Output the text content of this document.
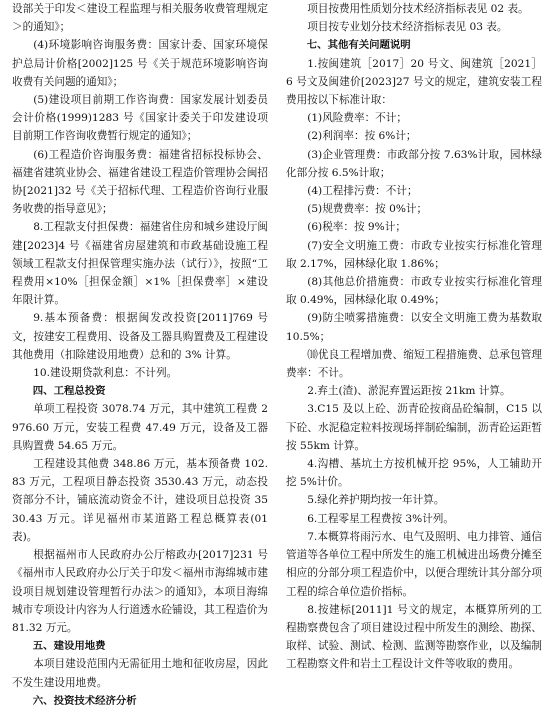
设部关于印发＜建设工程监理与相关服务收费管理规定＞的通知》；

(4)环境影响咨询服务费：国家计委、国家环境保护总局计价格[2002]125 号《关于规范环境影响咨询收费有关问题的通知》；

(5)建设项目前期工作咨询费：国家发展计划委员会计价格(1999)1283 号《国家计委关于印发建设项目前期工作咨询收费暂行规定的通知》；

(6)工程造价咨询服务费：福建省招标投标协会、福建省建筑业协会、福建省建设工程造价管理协会闽招协[2021]32 号《关于招标代理、工程造价咨询行业服务收费的指导意见》；

8.工程款支付担保费：福建省住房和城乡建设厅闽建[2023]4 号《福建省房屋建筑和市政基础设施工程领域工程款支付担保管理实施办法（试行）》，按照“工程费用×10%［担保金额］×1%［担保费率］×建设年限计算。

9.基本预备费：根据闽发改投资[2011]769 号文，按建安工程费用、设备及工器具购置费及工程建设其他费用（扣除建设用地费）总和的 3% 计算。

10.建设期贷款利息：不计列。

四、工程总投资

单项工程投资 3078.74 万元，其中建筑工程费 2976.60 万元，安装工程费 47.49 万元，设备及工器具购置费 54.65 万元。

工程建设其他费 348.86 万元，基本预备费 102.83 万元，工程项目静态投资 3530.43 万元，动态投资部分不计，铺底流动资金不计，建设项目总投资 3530.43 万元。详见福州市某道路工程总概算表(01 表)。

根据福州市人民政府办公厅榕政办[2017]231 号《福州市人民政府办公厅关于印发＜福州市海绵城市建设项目规划建设管理暂行办法＞的通知》，本项目海绵城市专项设计内容为人行道透水砼铺设，其工程造价为 81.32 万元。

五、建设用地费

本项目建设范围内无需征用土地和征收房屋，因此不发生建设用地费。

六、投资技术经济分析

项目按费用性质划分技术经济指标表见 02 表。

项目按专业划分技术经济指标表见 03 表。

七、其他有关问题说明

1.按闽建筑［2017］20 号文、闽建筑［2021］6 号文及闽建价[2023]27 号文的规定，建筑安装工程费用按以下标准计取：

(1)风险费率：不计；

(2)利润率：按 6%计；

(3)企业管理费：市政部分按 7.63%计取，园林绿化部分按 6.5%计取；

(4)工程排污费：不计；

(5)规费费率：按 0%计；

(6)税率：按 9%计；

(7)安全文明施工费：市政专业按实行标准化管理取 2.17%，园林绿化取 1.86%；

(8)其他总价措施费：市政专业按实行标准化管理取 0.49%，园林绿化取 0.49%；

(9)防尘喷雾措施费：以安全文明施工费为基数取 10.5%；

⑽优良工程增加费、缩短工程措施费、总承包管理费率：不计。

2.弃土(渣)、淤泥弃置运距按 21km 计算。

3.C15 及以上砼、沥青砼按商品砼编制，C15 以下砼、水泥稳定粒料按现场拌制砼编制，沥青砼运距暂按 55km 计算。

4.沟槽、基坑土方按机械开挖 95%，人工辅助开挖 5%计价。

5.绿化养护期均按一年计算。

6.工程零星工程费按 3%计列。

7.本概算将雨污水、电气及照明、电力排管、通信管道等各单位工程中所发生的施工机械进出场费分摊至相应的分部分项工程造价中，以便合理统计其分部分项工程的综合单位造价指标。

8.按建标[2011]1 号文的规定，本概算所列的工程勘察费包含了项目建设过程中所发生的测绘、勘探、取样、试验、测试、检测、监测等勘察作业，以及编制工程勘察文件和岩土工程设计文件等收取的费用。
